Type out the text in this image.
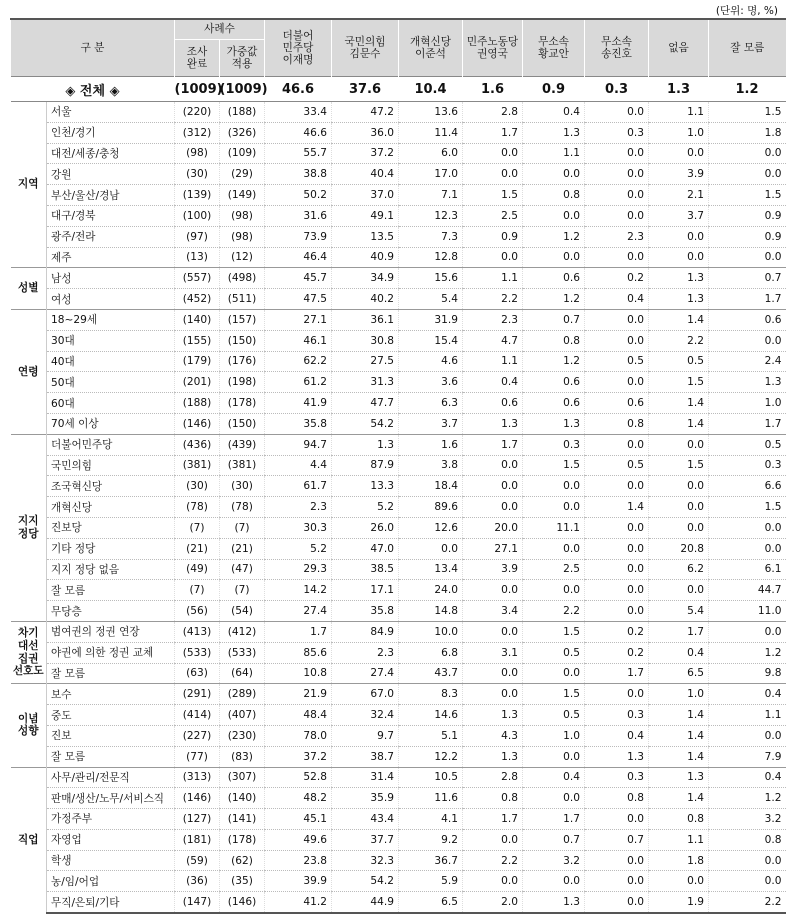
(단위: 명, %)
구 분		사례수		더불어
민주당
이재명	국민의힘
김문수	개혁신당
이준석	민주노동당
권영국	무소속
황교안	무소속
송진호	없음	잘 모름
		조사
완료	가중값
적용								
◈ 전체 ◈		(1009)	(1009)	46.6	37.6	10.4	1.6	0.9	0.3	1.3	1.2
지역	서울	(220)	(188)	33.4	47.2	13.6	2.8	0.4	0.0	1.1	1.5
	인천/경기	(312)	(326)	46.6	36.0	11.4	1.7	1.3	0.3	1.0	1.8
	대전/세종/충청	(98)	(109)	55.7	37.2	6.0	0.0	1.1	0.0	0.0	0.0
	강원	(30)	(29)	38.8	40.4	17.0	0.0	0.0	0.0	3.9	0.0
	부산/울산/경남	(139)	(149)	50.2	37.0	7.1	1.5	0.8	0.0	2.1	1.5
	대구/경북	(100)	(98)	31.6	49.1	12.3	2.5	0.0	0.0	3.7	0.9
	광주/전라	(97)	(98)	73.9	13.5	7.3	0.9	1.2	2.3	0.0	0.9
	제주	(13)	(12)	46.4	40.9	12.8	0.0	0.0	0.0	0.0	0.0
성별	남성	(557)	(498)	45.7	34.9	15.6	1.1	0.6	0.2	1.3	0.7
	여성	(452)	(511)	47.5	40.2	5.4	2.2	1.2	0.4	1.3	1.7
연령	18~29세	(140)	(157)	27.1	36.1	31.9	2.3	0.7	0.0	1.4	0.6
	30대	(155)	(150)	46.1	30.8	15.4	4.7	0.8	0.0	2.2	0.0
	40대	(179)	(176)	62.2	27.5	4.6	1.1	1.2	0.5	0.5	2.4
	50대	(201)	(198)	61.2	31.3	3.6	0.4	0.6	0.0	1.5	1.3
	60대	(188)	(178)	41.9	47.7	6.3	0.6	0.6	0.6	1.4	1.0
	70세 이상	(146)	(150)	35.8	54.2	3.7	1.3	1.3	0.8	1.4	1.7
지지
정당	더불어민주당	(436)	(439)	94.7	1.3	1.6	1.7	0.3	0.0	0.0	0.5
	국민의힘	(381)	(381)	4.4	87.9	3.8	0.0	1.5	0.5	1.5	0.3
	조국혁신당	(30)	(30)	61.7	13.3	18.4	0.0	0.0	0.0	0.0	6.6
	개혁신당	(78)	(78)	2.3	5.2	89.6	0.0	0.0	1.4	0.0	1.5
	진보당	(7)	(7)	30.3	26.0	12.6	20.0	11.1	0.0	0.0	0.0
	기타 정당	(21)	(21)	5.2	47.0	0.0	27.1	0.0	0.0	20.8	0.0
	지지 정당 없음	(49)	(47)	29.3	38.5	13.4	3.9	2.5	0.0	6.2	6.1
	잘 모름	(7)	(7)	14.2	17.1	24.0	0.0	0.0	0.0	0.0	44.7
	무당층	(56)	(54)	27.4	35.8	14.8	3.4	2.2	0.0	5.4	11.0
차기
대선
집권
선호도	범여권의 정권 연장	(413)	(412)	1.7	84.9	10.0	0.0	1.5	0.2	1.7	0.0
	야권에 의한 정권 교체	(533)	(533)	85.6	2.3	6.8	3.1	0.5	0.2	0.4	1.2
	잘 모름	(63)	(64)	10.8	27.4	43.7	0.0	0.0	1.7	6.5	9.8
이념
성향	보수	(291)	(289)	21.9	67.0	8.3	0.0	1.5	0.0	1.0	0.4
	중도	(414)	(407)	48.4	32.4	14.6	1.3	0.5	0.3	1.4	1.1
	진보	(227)	(230)	78.0	9.7	5.1	4.3	1.0	0.4	1.4	0.0
	잘 모름	(77)	(83)	37.2	38.7	12.2	1.3	0.0	1.3	1.4	7.9
직업	사무/관리/전문직	(313)	(307)	52.8	31.4	10.5	2.8	0.4	0.3	1.3	0.4
	판매/생산/노무/서비스직	(146)	(140)	48.2	35.9	11.6	0.8	0.0	0.8	1.4	1.2
	가정주부	(127)	(141)	45.1	43.4	4.1	1.7	1.7	0.0	0.8	3.2
	자영업	(181)	(178)	49.6	37.7	9.2	0.0	0.7	0.7	1.1	0.8
	학생	(59)	(62)	23.8	32.3	36.7	2.2	3.2	0.0	1.8	0.0
	농/임/어업	(36)	(35)	39.9	54.2	5.9	0.0	0.0	0.0	0.0	0.0
	무직/은퇴/기타	(147)	(146)	41.2	44.9	6.5	2.0	1.3	0.0	1.9	2.2
